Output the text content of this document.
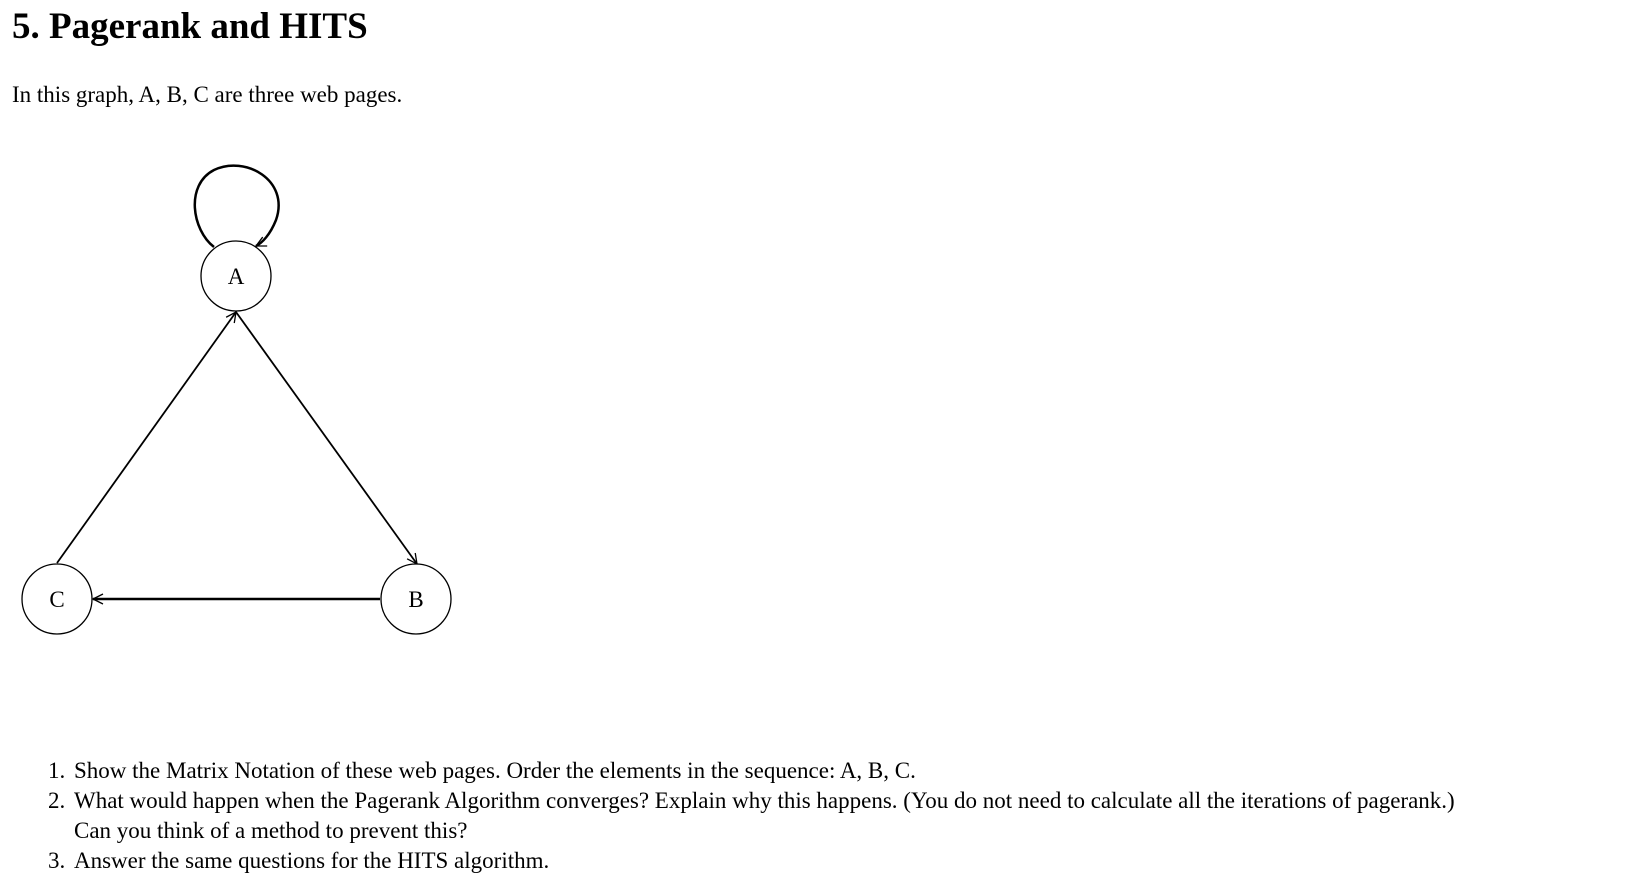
5. Pagerank and HITS

In this graph, A, B, C are three web pages.

A
B
C
1. Show the Matrix Notation of these web pages. Order the elements in the sequence: A, B, C.
2. What would happen when the Pagerank Algorithm converges? Explain why this happens. (You do not need to calculate all the iterations of pagerank.)
Can you think of a method to prevent this?
3. Answer the same questions for the HITS algorithm.
